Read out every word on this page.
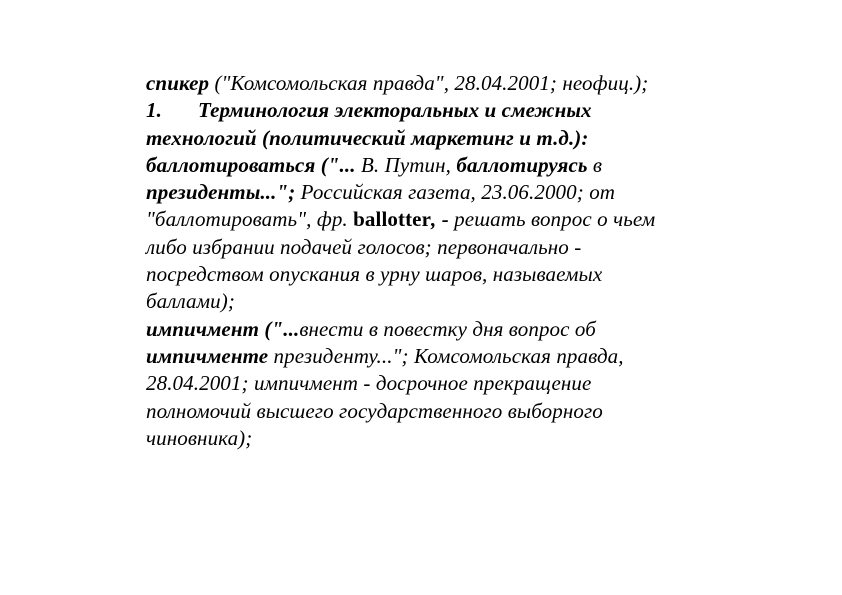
спикер ("Комсомольская правда", 28.04.2001; неофиц.);
1. Терминология электоральных и смежных
технологий (политический маркетинг и т.д.):
баллотироваться ("... В. Путин, баллотируясь в
президенты..."; Российская газета, 23.06.2000; от
"баллотировать", фр. ballotter, - решать вопрос о чьем
либо избрании подачей голосов; первоначально -
посредством опускания в урну шаров, называемых
баллами);
импичмент ("...внести в повестку дня вопрос об
импичменте президенту..."; Комсомольская правда,
28.04.2001; импичмент - досрочное прекращение
полномочий высшего государственного выборного
чиновника);
